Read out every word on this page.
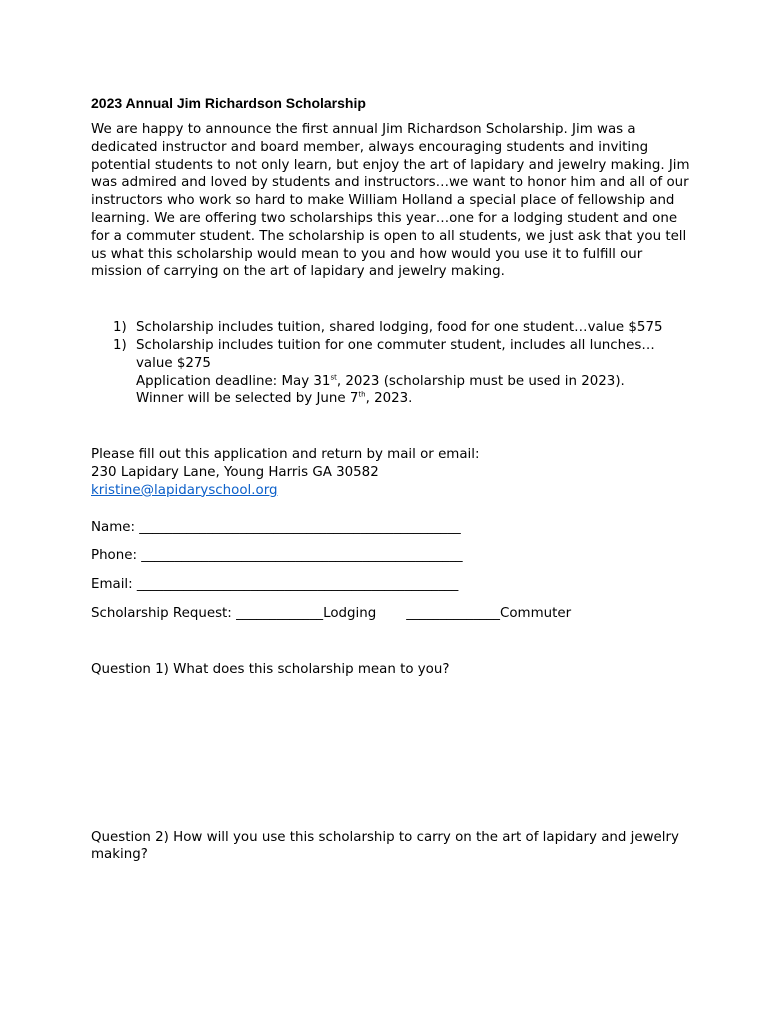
2023 Annual Jim Richardson Scholarship

We are happy to announce the first annual Jim Richardson Scholarship. Jim was a dedicated instructor and board member, always encouraging students and inviting potential students to not only learn, but enjoy the art of lapidary and jewelry making. Jim was admired and loved by students and instructors…we want to honor him and all of our instructors who work so hard to make William Holland a special place of fellowship and learning. We are offering two scholarships this year…one for a lodging student and one for a commuter student. The scholarship is open to all students, we just ask that you tell us what this scholarship would mean to you and how would you use it to fulfill our mission of carrying on the art of lapidary and jewelry making.

1) Scholarship includes tuition, shared lodging, food for one student…value $575
1) Scholarship includes tuition for one commuter student, includes all lunches…value $275
Application deadline: May 31st, 2023 (scholarship must be used in 2023).
Winner will be selected by June 7th, 2023.
Please fill out this application and return by mail or email:
230 Lapidary Lane, Young Harris GA 30582
kristine@lapidaryschool.org

Name: ________________________________________________

Phone: ________________________________________________

Email: ________________________________________________

Scholarship Request: _____________Lodging ______________Commuter

Question 1) What does this scholarship mean to you?

Question 2) How will you use this scholarship to carry on the art of lapidary and jewelry making?
